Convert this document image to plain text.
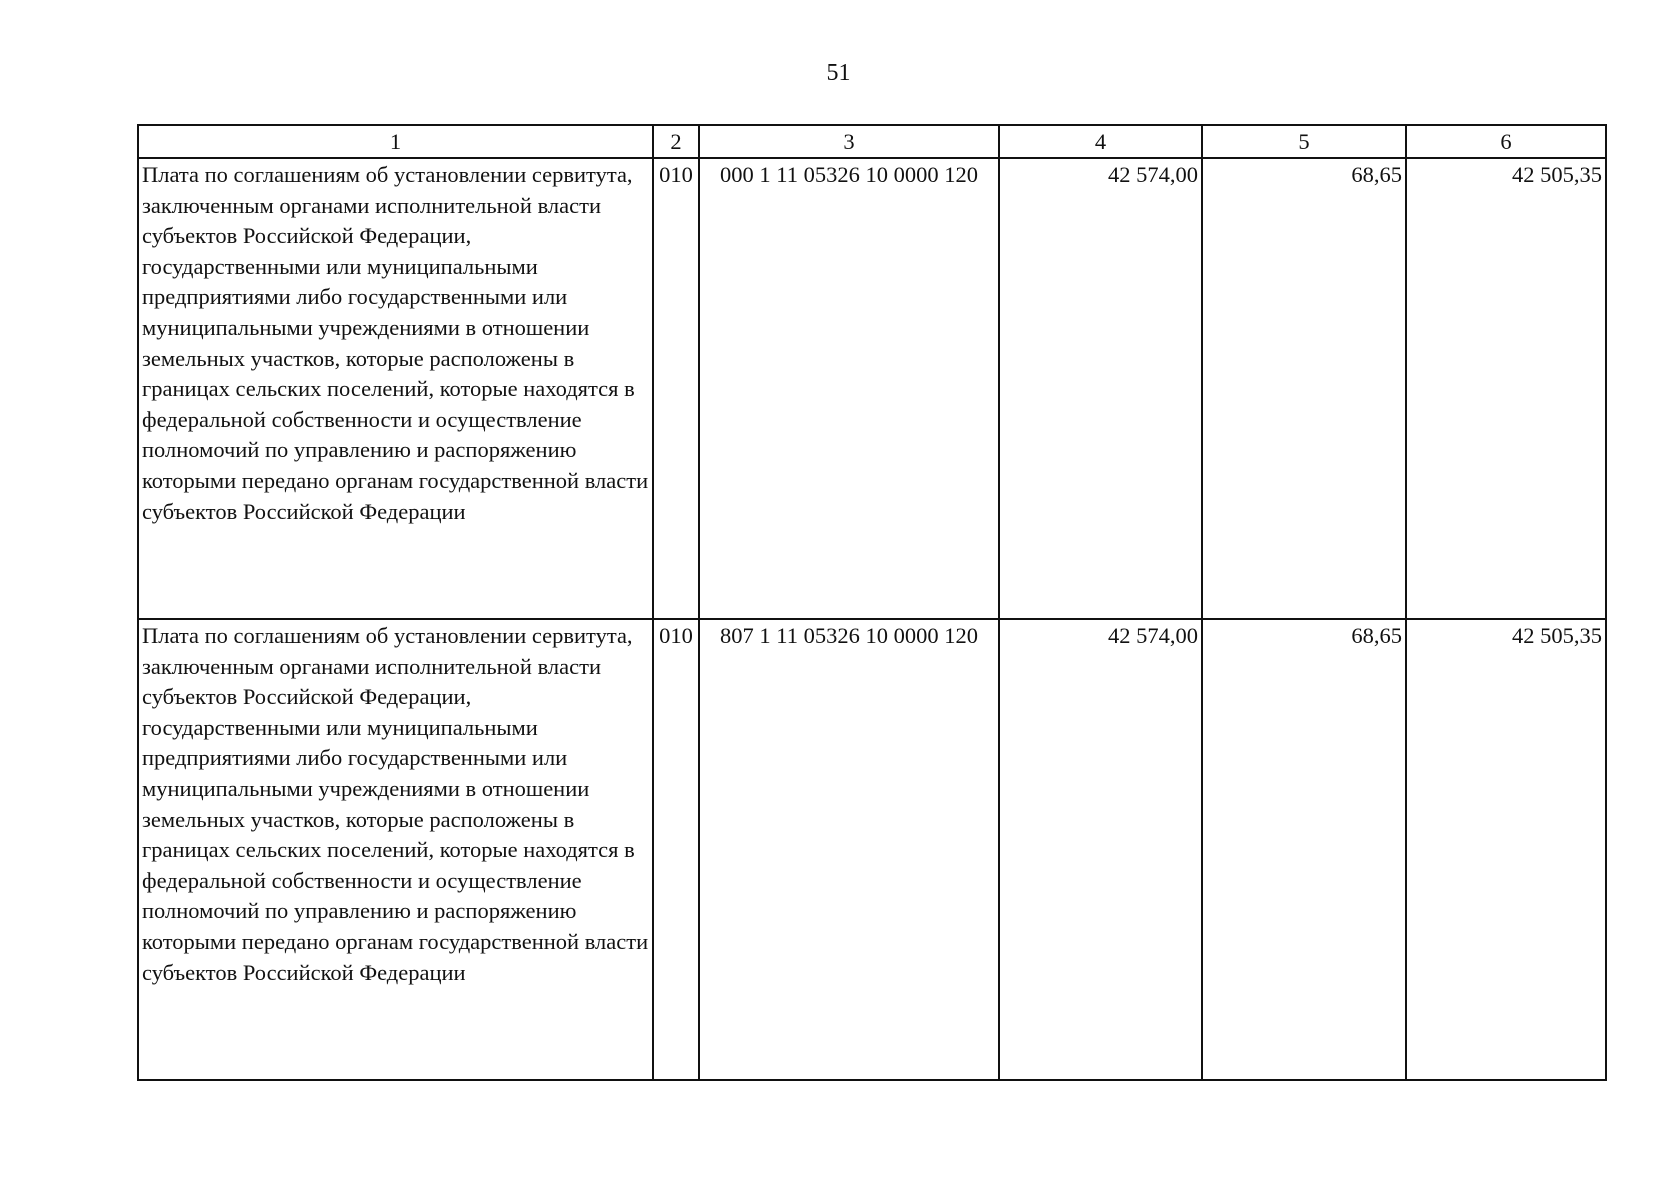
51
1	2	3	4	5	6
Плата по соглашениям об установлении сервитута, заключенным органами исполнительной власти субъектов Российской Федерации, государственными или муниципальными предприятиями либо государственными или муниципальными учреждениями в отношении земельных участков, которые расположены в границах сельских поселений, которые находятся в федеральной собственности и осуществление полномочий по управлению и распоряжению которыми передано органам государственной власти субъектов Российской Федерации	010	000 1 11 05326 10 0000 120	42 574,00	68,65	42 505,35
Плата по соглашениям об установлении сервитута, заключенным органами исполнительной власти субъектов Российской Федерации, государственными или муниципальными предприятиями либо государственными или муниципальными учреждениями в отношении земельных участков, которые расположены в границах сельских поселений, которые находятся в федеральной собственности и осуществление полномочий по управлению и распоряжению которыми передано органам государственной власти субъектов Российской Федерации	010	807 1 11 05326 10 0000 120	42 574,00	68,65	42 505,35
